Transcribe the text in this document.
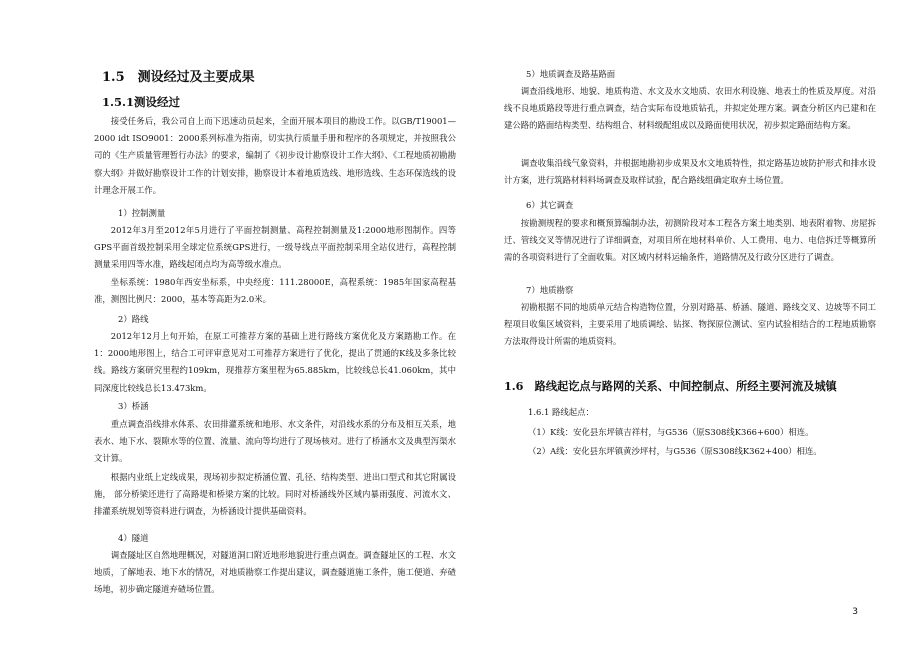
1.5　测设经过及主要成果
1.5.1测设经过
接受任务后，我公司自上而下迅速动员起来，全面开展本项目的勘设工作。以GB/T19001—2000 idt ISO9001：2000系列标准为指南，切实执行质量手册和程序的各项规定，并按照我公司的《生产质量管理暂行办法》的要求，编制了《初步设计勘察设计工作大纲》、《工程地质初勘勘察大纲》并做好勘察设计工作的计划安排，勘察设计本着地质选线、地形选线、生态环保选线的设计理念开展工作。
1）控制测量
2012年3月至2012年5月进行了平面控制测量、高程控制测量及1:2000地形图制作。四等GPS平面首级控制采用全球定位系统GPS进行，一级导线点平面控制采用全站仪进行，高程控制测量采用四等水准，路线起闭点均为高等级水准点。
坐标系统：1980年西安坐标系，中央经度：111.28000E，高程系统：1985年国家高程基准，测图比例尺：2000，基本等高距为2.0米。
2）路线
2012年12月上旬开始，在原工可推荐方案的基础上进行路线方案优化及方案踏勘工作。在1：2000地形图上，结合工可评审意见对工可推荐方案进行了优化，提出了贯通的K线及多条比较线。路线方案研究里程约109km，现推荐方案里程为65.885km，比较线总长41.060km，其中同深度比较线总长13.473km。
3）桥涵
重点调查沿线排水体系、农田排灌系统和地形、水文条件，对沿线水系的分布及相互关系，地表水、地下水、裂隙水等的位置、流量、流向等均进行了现场核对。进行了桥涵水文及典型泻渠水文计算。
根据内业纸上定线成果，现场初步拟定桥涵位置、孔径、结构类型、进出口型式和其它附属设施， 部分桥梁还进行了高路堤和桥梁方案的比较。同时对桥涵线外区域内暴雨强度、河流水文、排灌系统规划等资料进行调查，为桥涵设计提供基础资料。
4）隧道
调查隧址区自然地理概况，对隧道洞口附近地形地貌进行重点调查。调查隧址区的工程、水文地质，了解地表、地下水的情况，对地质勘察工作提出建议，调查隧道施工条件，施工便道、弃碴场地，初步确定隧道弃碴场位置。
5）地质调查及路基路面
调查沿线地形、地貌、地质构造、水文及水文地质、农田水利设施、地表土的性质及厚度。对沿线不良地质路段等进行重点调查，结合实际布设地质钻孔，并拟定处理方案。调查分析区内已建和在建公路的路面结构类型、结构组合、材料级配组成以及路面使用状况，初步拟定路面结构方案。
调查收集沿线气象资料，并根据地勘初步成果及水文地质特性，拟定路基边坡防护形式和排水设计方案，进行筑路材料料场调查及取样试验，配合路线组确定取弃土场位置。
6）其它调查
按勘测规程的要求和概预算编制办法，初测阶段对本工程各方案土地类别、地表附着物、房屋拆迁、管线交叉等情况进行了详细调查，对项目所在地材料单价、人工费用、电力、电信拆迁等概算所需的各项资料进行了全面收集。对区域内材料运输条件，道路情况及行政分区进行了调查。
7）地质勘察
初勘根据不同的地质单元结合构造物位置，分别对路基、桥涵、隧道、路线交叉、边坡等不同工程项目收集区域资料，主要采用了地质调绘、钻探、物探原位测试、室内试验相结合的工程地质勘察方法取得设计所需的地质资料。
1.6　路线起讫点与路网的关系、中间控制点、所经主要河流及城镇
1.6.1 路线起点：
（1）K线：安化县东坪镇吉祥村，与G536（原S308线K366+600）相连。
（2）A线：安化县东坪镇黄沙坪村，与G536（原S308线K362+400）相连。
3
